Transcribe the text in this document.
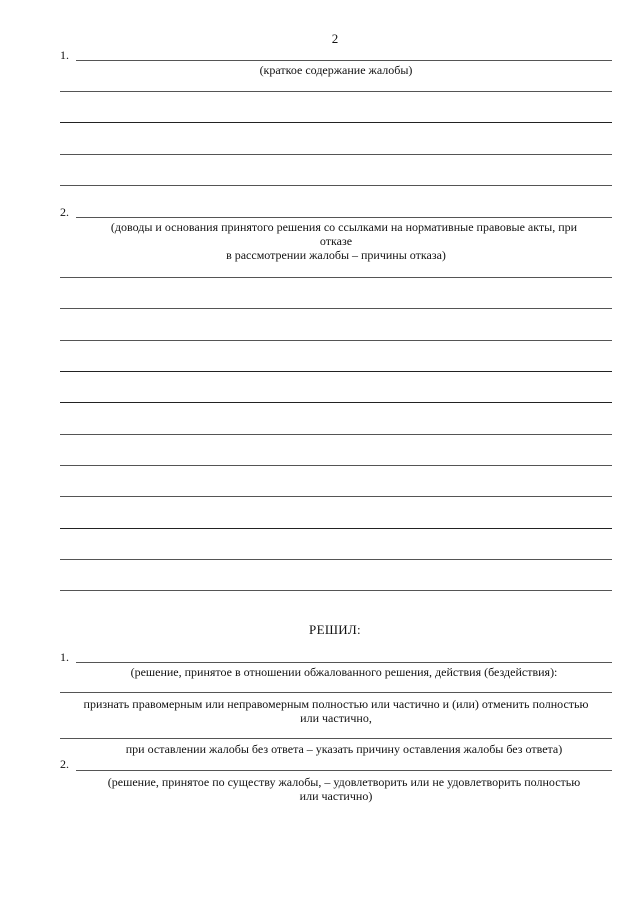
2
1.
(краткое содержание жалобы)
2.
(доводы и основания принятого решения со ссылками на нормативные правовые акты, при
отказе
в рассмотрении жалобы – причины отказа)
РЕШИЛ:
1.
(решение, принятое в отношении обжалованного решения, действия (бездействия):
признать правомерным или неправомерным полностью или частично и (или) отменить полностью
или частично,
при оставлении жалобы без ответа – указать причину оставления жалобы без ответа)
2.
(решение, принятое по существу жалобы, – удовлетворить или не удовлетворить полностью
или частично)
